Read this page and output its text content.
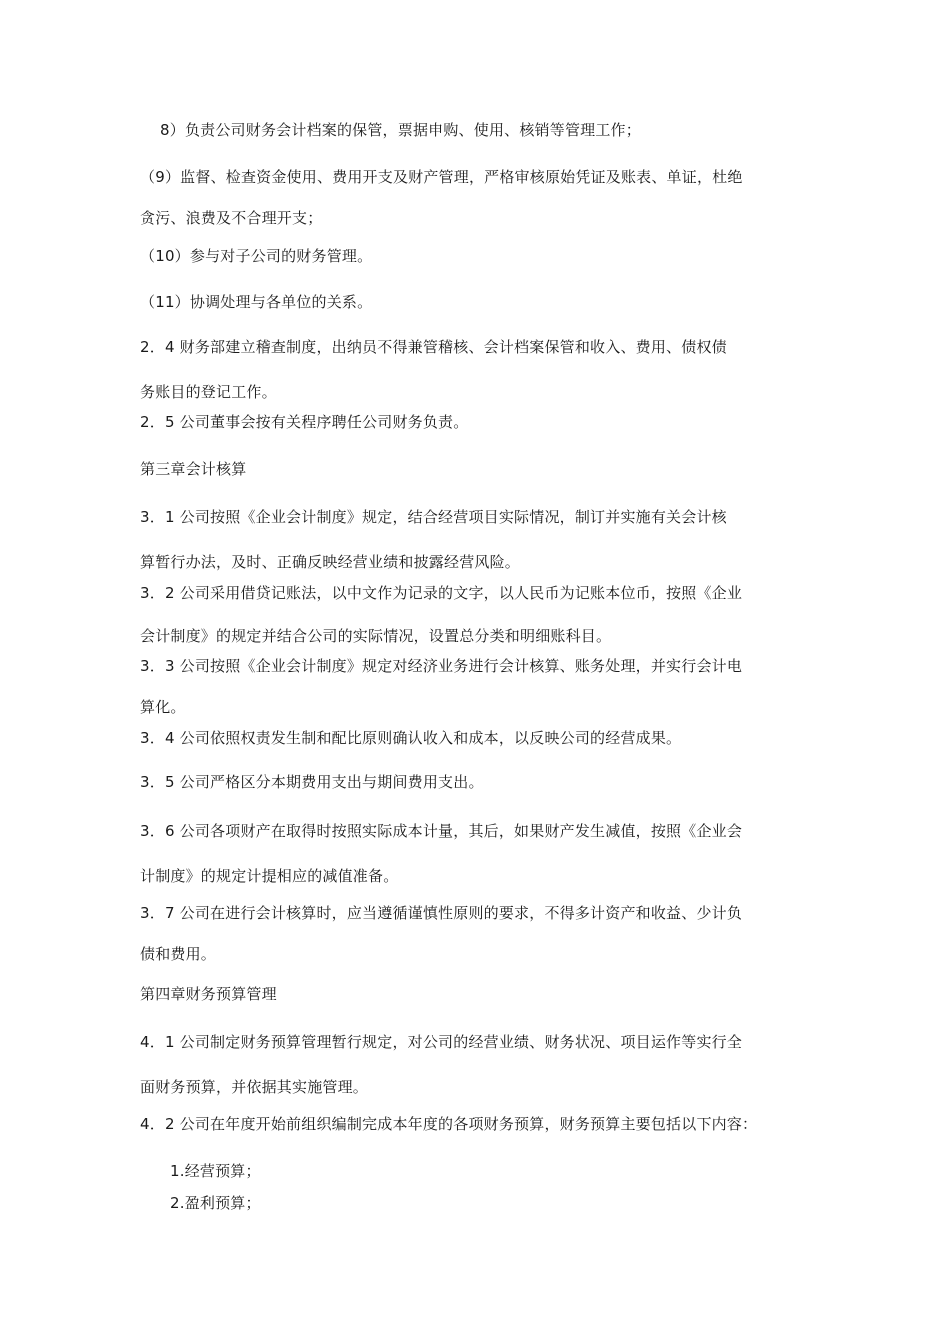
8）负责公司财务会计档案的保管，票据申购、使用、核销等管理工作；
（9）监督、检查资金使用、费用开支及财产管理，严格审核原始凭证及账表、单证，杜绝
贪污、浪费及不合理开支；
（10）参与对子公司的财务管理。
（11）协调处理与各单位的关系。
2．4 财务部建立稽查制度，出纳员不得兼管稽核、会计档案保管和收入、费用、债权债
务账目的登记工作。
2．5 公司董事会按有关程序聘任公司财务负责。
第三章会计核算
3．1 公司按照《企业会计制度》规定，结合经营项目实际情况，制订并实施有关会计核
算暂行办法，及时、正确反映经营业绩和披露经营风险。
3．2 公司采用借贷记账法，以中文作为记录的文字，以人民币为记账本位币，按照《企业
会计制度》的规定并结合公司的实际情况，设置总分类和明细账科目。
3．3 公司按照《企业会计制度》规定对经济业务进行会计核算、账务处理，并实行会计电
算化。
3．4 公司依照权责发生制和配比原则确认收入和成本，以反映公司的经营成果。
3．5 公司严格区分本期费用支出与期间费用支出。
3．6 公司各项财产在取得时按照实际成本计量，其后，如果财产发生减值，按照《企业会
计制度》的规定计提相应的减值准备。
3．7 公司在进行会计核算时，应当遵循谨慎性原则的要求，不得多计资产和收益、少计负
债和费用。
第四章财务预算管理
4．1 公司制定财务预算管理暂行规定，对公司的经营业绩、财务状况、项目运作等实行全
面财务预算，并依据其实施管理。
4．2 公司在年度开始前组织编制完成本年度的各项财务预算，财务预算主要包括以下内容：
1.经营预算；
2.盈利预算；
